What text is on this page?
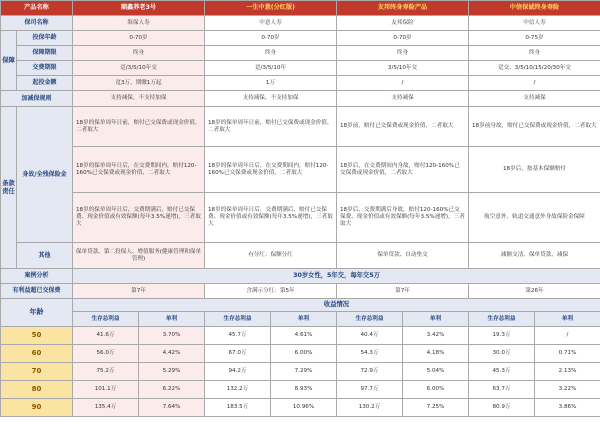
产品名称		顺鑫养老3号		一生中意(分红版)		友邦终身寿险产品		中信保诚终身寿险	
保司名称		海保人寿		中意人寿		友邦保险		中信人寿	
保障	投保年龄	0-70岁		0-70岁		0-70岁		0-75岁	
	保障期限	终身		终身		终身		终身	
	交费期限	趸/3/5/10年交		趸/3/5/10年		3/5/10年交		趸交、3/5/10/15/20/30年交	
	起投金额	趸3万，期缴1万起		1万		/		/	
加减保规则		支持减保，不支持加保		支持减保，不支持加保		支持减保		支持减保	
条款责任	身故/全残保险金	18岁的保单周年日前，赔付已交保费或现金价值，二者取大		18岁的保单周年日前，赔付已交保费或现金价值，二者取大		18岁前，赔付已交保费或现金价值，二者取大		18岁前身故，赔付已交保费或现金价值，二者取大	
		18岁的保单周年日后，在交费期间内，赔付120-160%已交保费或现金价值，二者取大		18岁的保单周年日后，在交费期间内，赔付120-160%已交保费或现金价值，二者取大		18岁后，在交费期间内身故，赔付120-160%已交保费或现金价值，二者取大		18岁后，按基本保额赔付	
		18岁的保单周年日后，交费期满后，赔付已交保费、现金价值或有效保额(每年3.5%递增)，三者取大		18岁的保单周年日后，交费期满后，赔付已交保费、现金价值或有效保额(每年3.5%递增)，三者取大		18岁后，交费期满后身故，赔付120-160%已交保费、现金价值或有效保额(每年3.5%递增)，三者取大		航空意外、轨道交通意外身故保险金保障	
	其他	保单贷款、第二投保人、增值服务(健康管理和保单管理)		有分红：保额分红		保单贷款、自动垫交		减额交清、保单贷款、减保	
案例分析		30岁女性，5年交，每年交5万							
有利益超已交保费		第7年		含满示分红：第5年		第7年		第26年	
年龄		收益情况							
		生存总利益	单利	生存总利益	单利	生存总利益	单利	生存总利益	单利
50		41.6万	3.70%	45.7万	4.61%	40.4万	3.42%	19.3万	/
60		56.0万	4.42%	67.0万	6.00%	54.3万	4.18%	30.0万	0.71%
70		75.2万	5.29%	94.2万	7.29%	72.9万	5.04%	45.3万	2.13%
80		101.1万	6.22%	132.2万	8.93%	97.7万	6.00%	63.7万	3.22%
90		135.4万	7.64%	183.5万	10.96%	130.2万	7.25%	80.9万	3.86%
